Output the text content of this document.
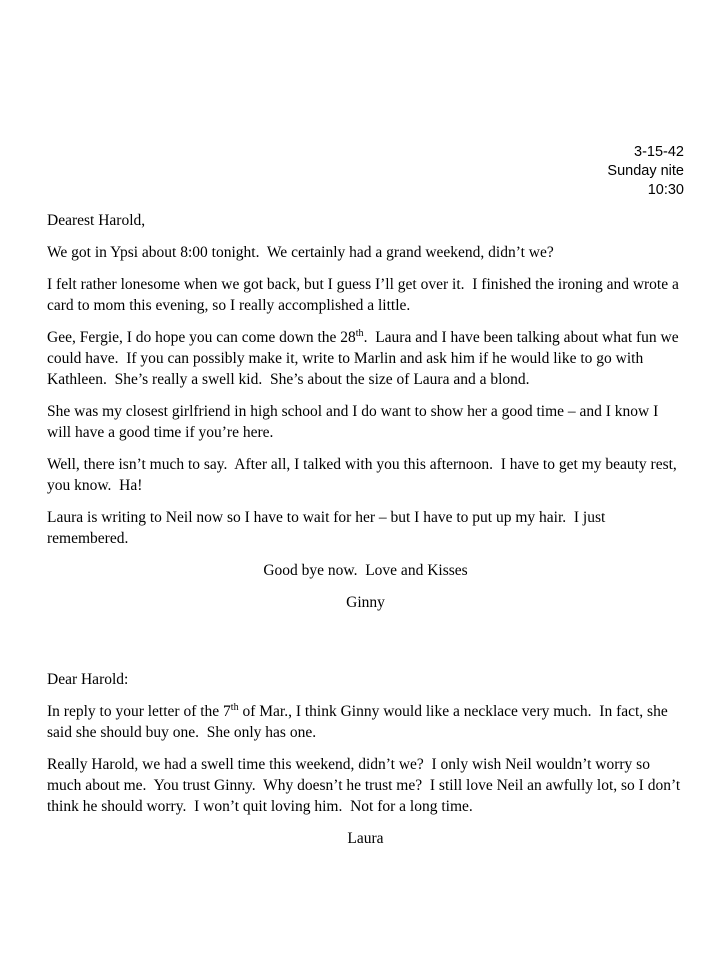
3-15-42
Sunday nite
10:30

Dearest Harold,

We got in Ypsi about 8:00 tonight.  We certainly had a grand weekend, didn’t we?

I felt rather lonesome when we got back, but I guess I’ll get over it.  I finished the ironing and wrote a card to mom this evening, so I really accomplished a little.

Gee, Fergie, I do hope you can come down the 28th.  Laura and I have been talking about what fun we could have.  If you can possibly make it, write to Marlin and ask him if he would like to go with Kathleen.  She’s really a swell kid.  She’s about the size of Laura and a blond.

She was my closest girlfriend in high school and I do want to show her a good time – and I know I will have a good time if you’re here.

Well, there isn’t much to say.  After all, I talked with you this afternoon.  I have to get my beauty rest, you know.  Ha!

Laura is writing to Neil now so I have to wait for her – but I have to put up my hair.  I just remembered.

Good bye now.  Love and Kisses

Ginny

Dear Harold:

In reply to your letter of the 7th of Mar., I think Ginny would like a necklace very much.  In fact, she said she should buy one.  She only has one.

Really Harold, we had a swell time this weekend, didn’t we?  I only wish Neil wouldn’t worry so much about me.  You trust Ginny.  Why doesn’t he trust me?  I still love Neil an awfully lot, so I don’t think he should worry.  I won’t quit loving him.  Not for a long time.

Laura
